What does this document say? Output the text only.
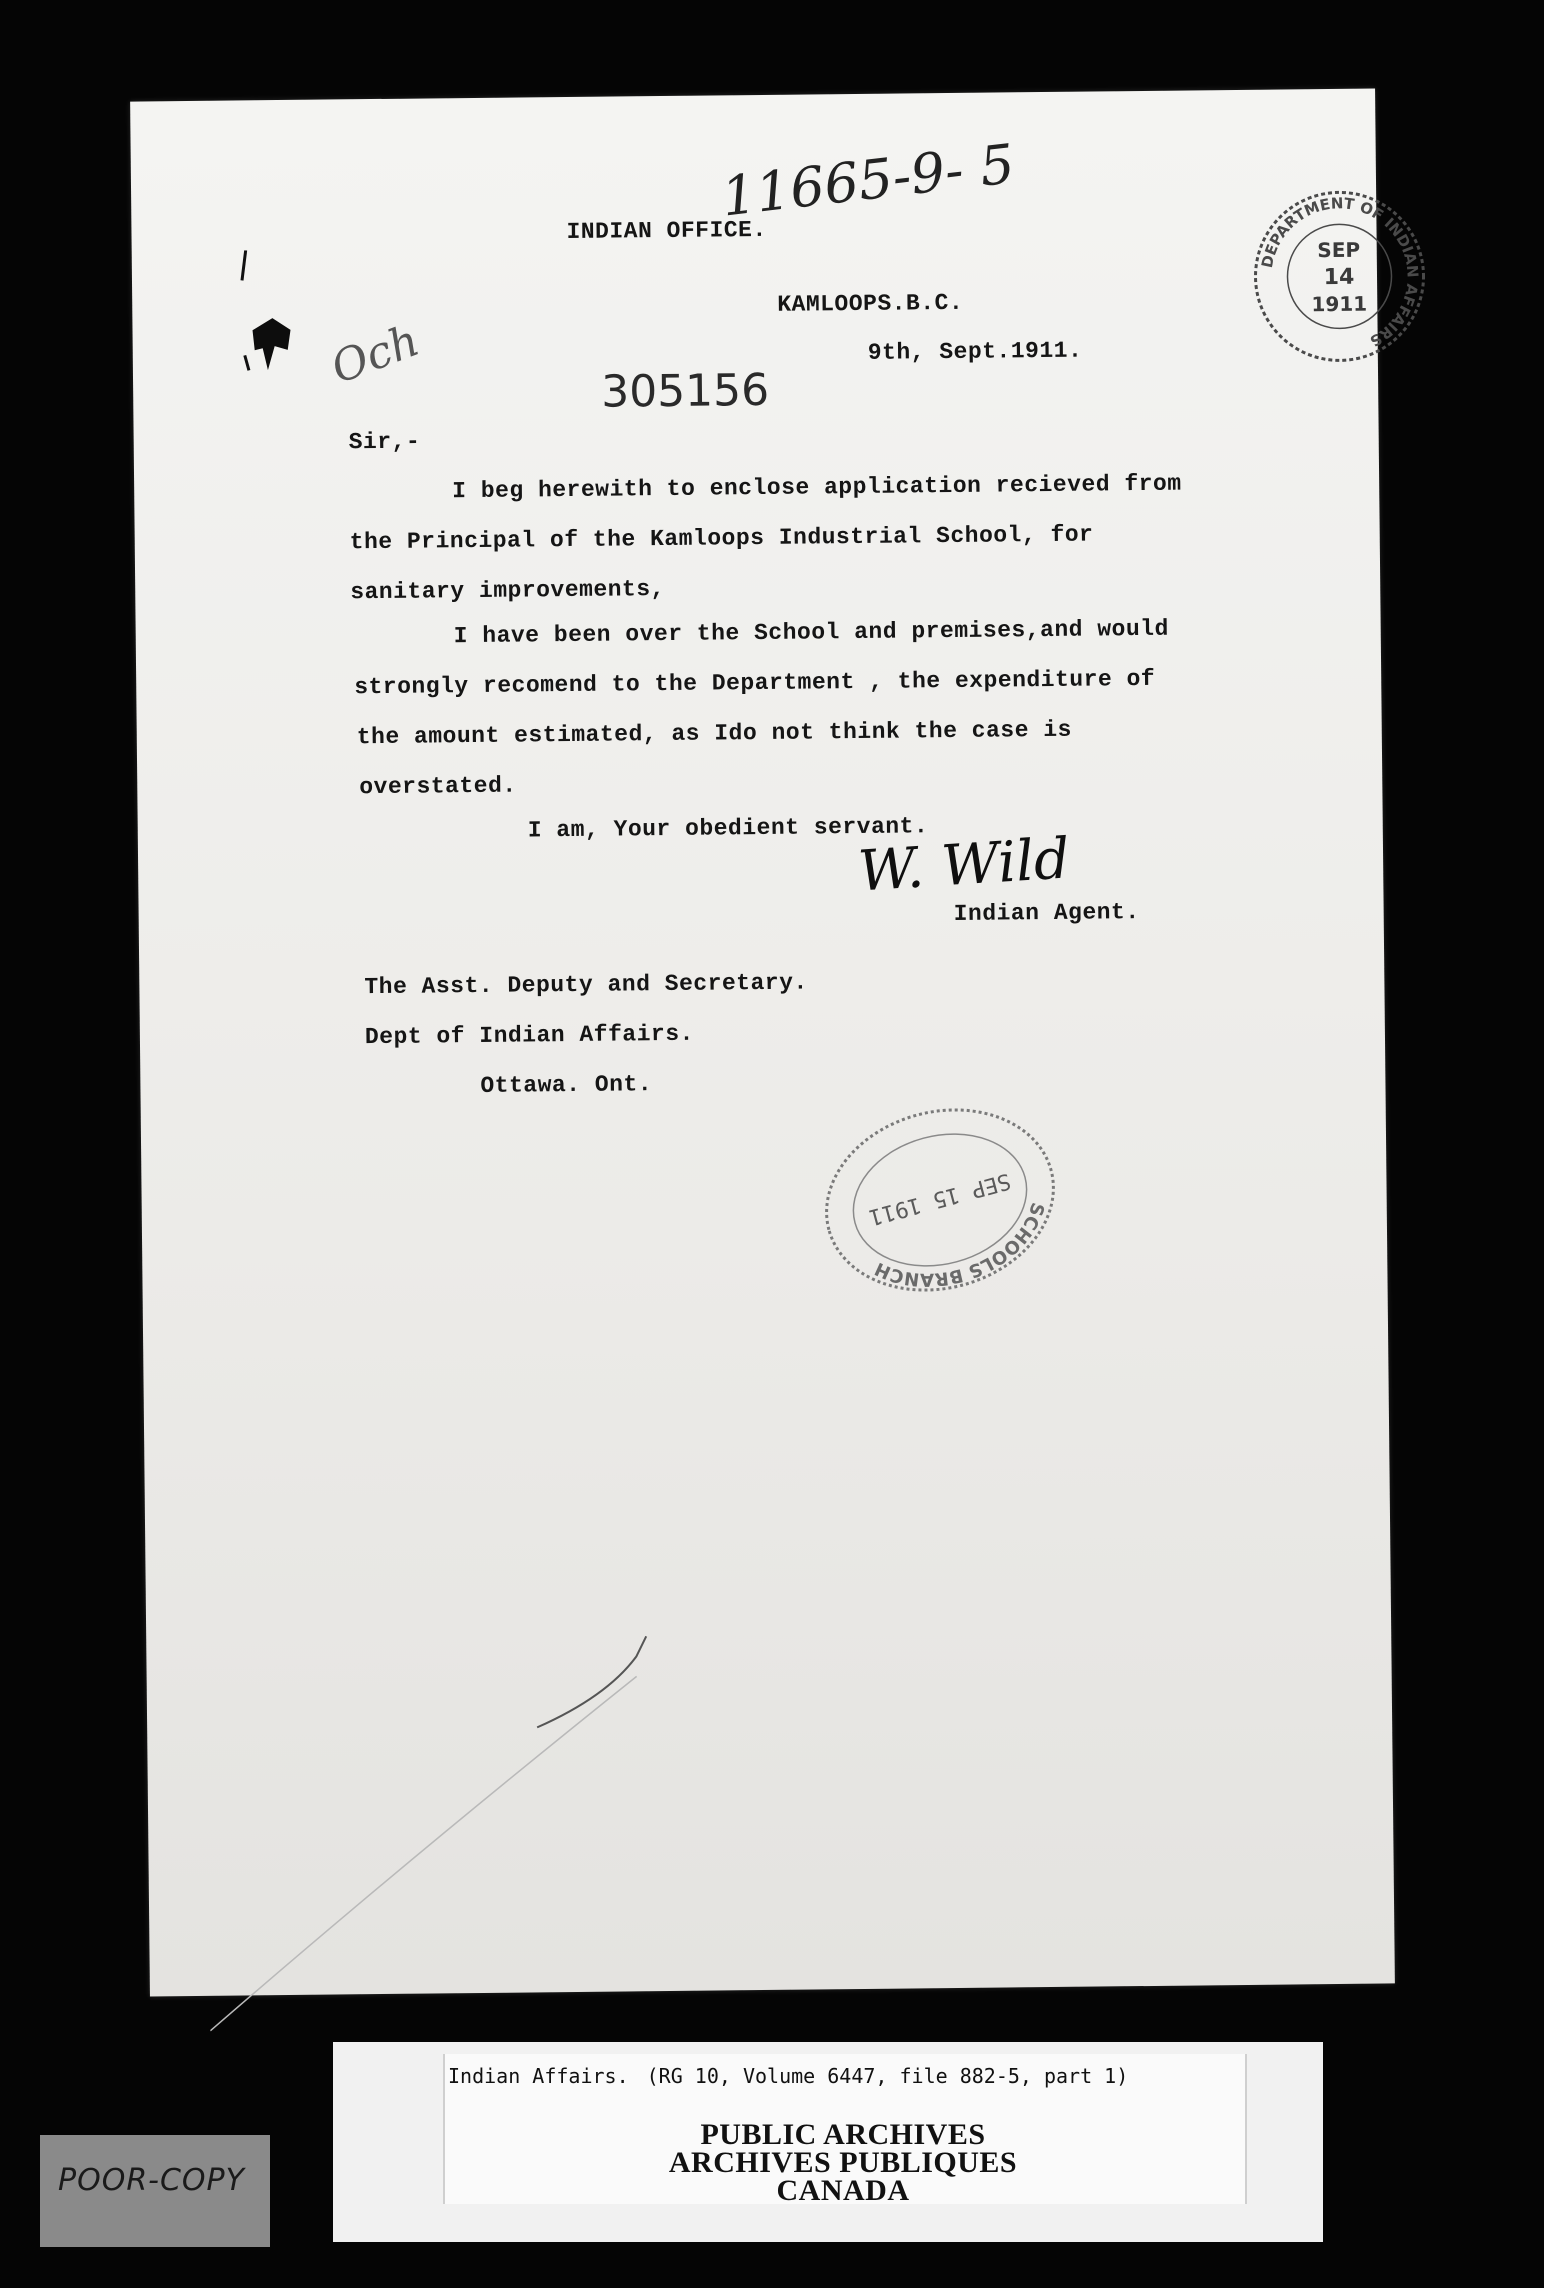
11665-9- 5
DEPARTMENT OF INDIAN AFFAIRS
SEP
14
1911
INDIAN OFFICE.
Och	305156
KAMLOOPS.B.C.
9th, Sept.1911.
Sir,-
I beg herewith to enclose application recieved from
the Principal of the Kamloops Industrial School, for
sanitary improvements,
I have been over the School and premises,and would
strongly recomend to the Department , the expenditure of
the amount estimated, as Ido not think the case is
overstated.
I am, Your obedient servant.
W. Wild
Indian Agent.
The Asst. Deputy and Secretary.
Dept of Indian Affairs.
Ottawa. Ont.
SCHOOLS BRANCH
SEP 15 1911
Indian Affairs. (RG 10, Volume 6447, file 882-5, part 1)
PUBLIC ARCHIVES
ARCHIVES PUBLIQUES
CANADA
POOR-COPY
